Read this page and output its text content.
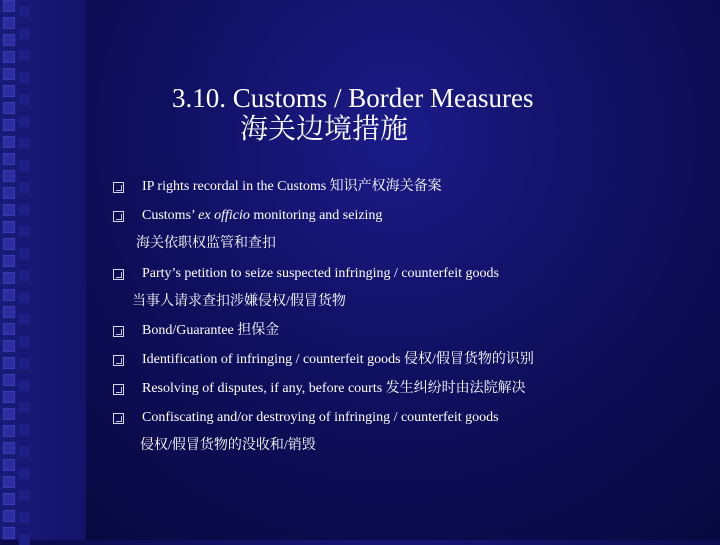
3.10. Customs / Border Measures
海关边境措施
IP rights recordal in the Customs 知识产权海关备案
Customs’ ex officio monitoring and seizing
海关依职权监管和查扣
Party’s petition to seize suspected infringing / counterfeit goods
当事人请求查扣涉嫌侵权/假冒货物
Bond/Guarantee 担保金
Identification of infringing / counterfeit goods 侵权/假冒货物的识别
Resolving of disputes, if any, before courts 发生纠纷时由法院解决
Confiscating and/or destroying of infringing / counterfeit goods
侵权/假冒货物的没收和/销毁
